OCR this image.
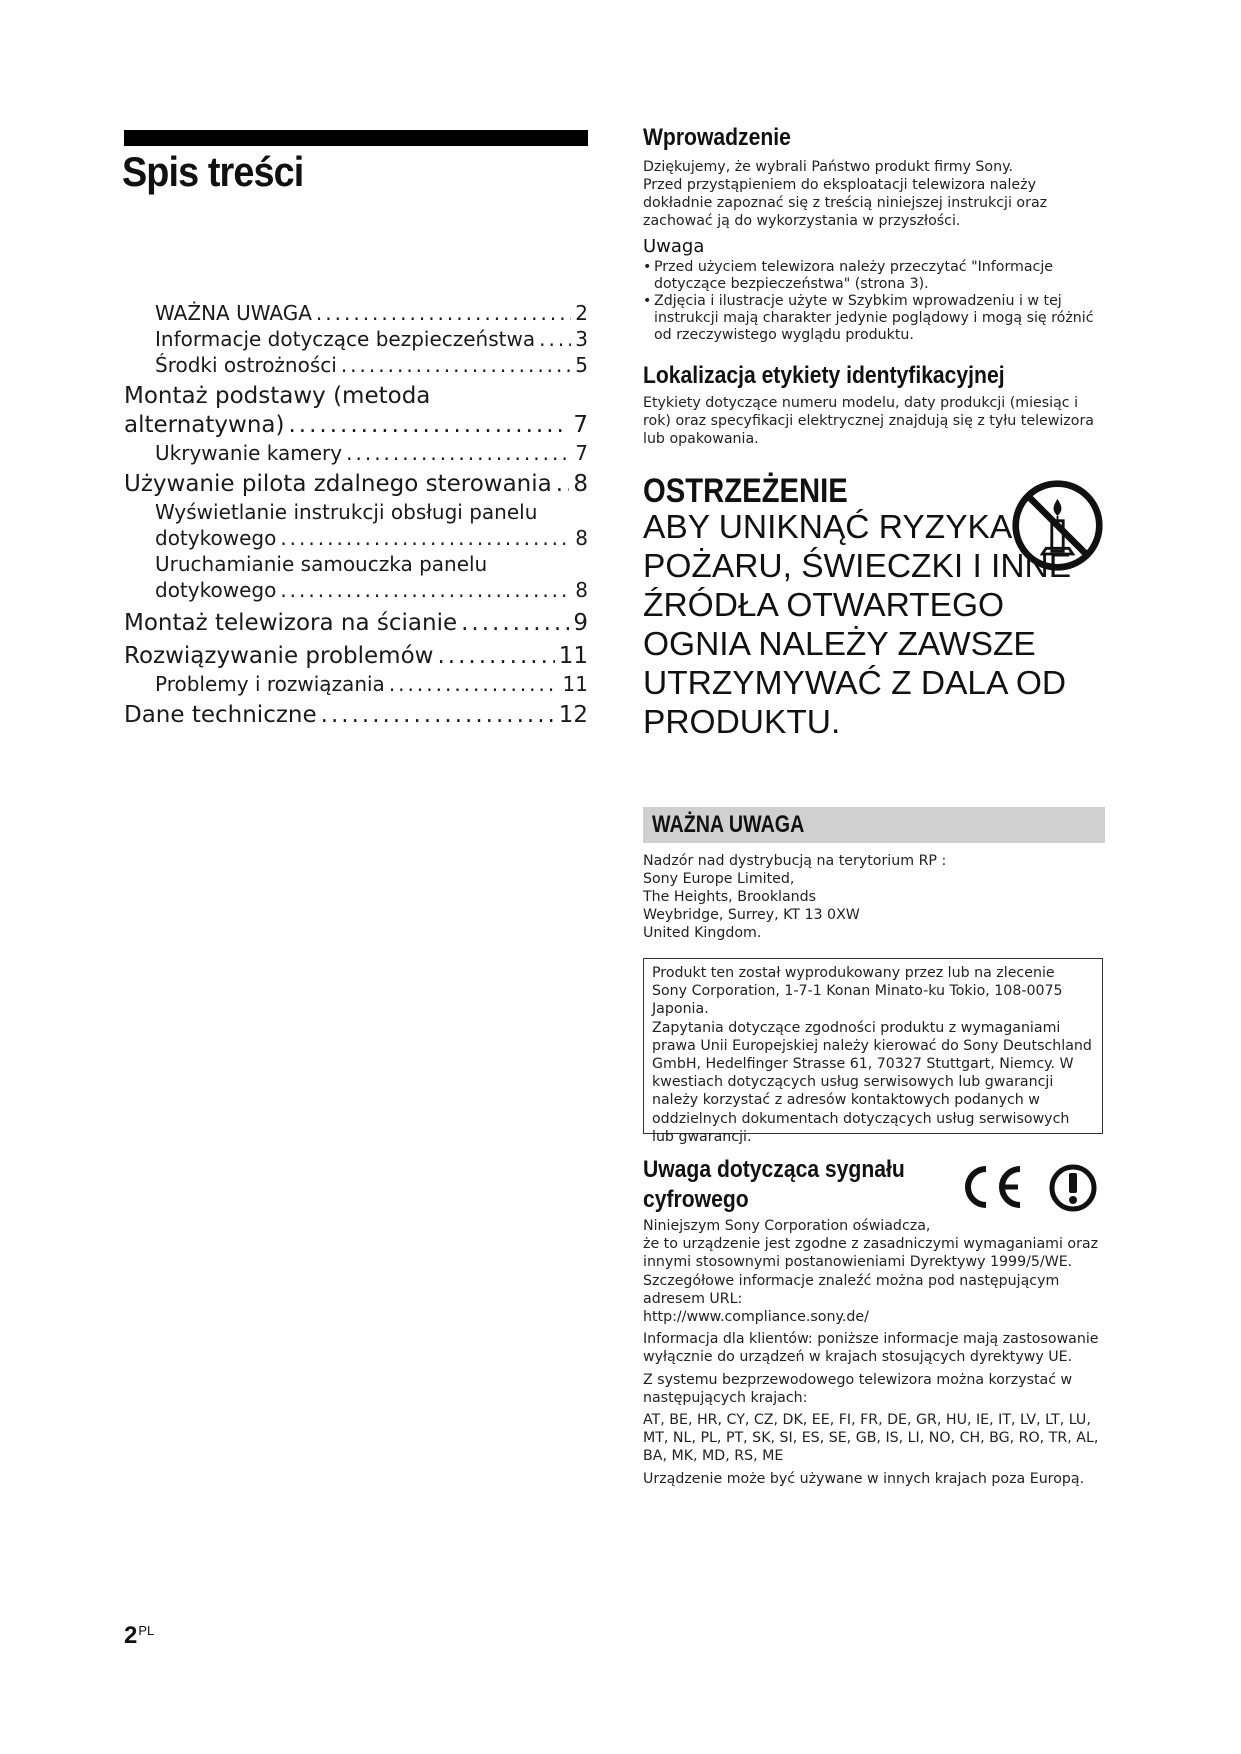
Spis treści
WAŻNA UWAGA .....	2
Informacje dotyczące bezpieczeństwa ..... 3
Środki ostrożności .....	5
Montaż podstawy (metoda
alternatywna) .....	7
Ukrywanie kamery .....	7
Używanie pilota zdalnego sterowania ..... 8
Wyświetlanie instrukcji obsługi panelu
dotykowego .....	8
Uruchamianie samouczka panelu
dotykowego .....	8
Montaż telewizora na ścianie .....	9
Rozwiązywanie problemów .....	11
Problemy i rozwiązania .....	11
Dane techniczne .....	12
Wprowadzenie

Dziękujemy, że wybrali Państwo produkt firmy Sony.

Przed przystąpieniem do eksploatacji telewizora należy dokładnie zapoznać się z treścią niniejszej instrukcji oraz zachować ją do wykorzystania w przyszłości.

Uwaga
• Przed użyciem telewizora należy przeczytać "Informacje dotyczące bezpieczeństwa" (strona 3).
• Zdjęcia i ilustracje użyte w Szybkim wprowadzeniu i w tej instrukcji mają charakter jedynie poglądowy i mogą się różnić od rzeczywistego wyglądu produktu.
Lokalizacja etykiety identyfikacyjnej

Etykiety dotyczące numeru modelu, daty produkcji (miesiąc i rok) oraz specyfikacji elektrycznej znajdują się z tyłu telewizora lub opakowania.

OSTRZEŻENIE

ABY UNIKNĄĆ RYZYKA POŻARU, ŚWIECZKI I INNE ŹRÓDŁA OTWARTEGO OGNIA NALEŻY ZAWSZE UTRZYMYWAĆ Z DALA OD PRODUKTU.

WAŻNA UWAGA

Nadzór nad dystrybucją na terytorium RP :

Sony Europe Limited,

The Heights, Brooklands

Weybridge, Surrey, KT 13 0XW

United Kingdom.

Produkt ten został wyprodukowany przez lub na zlecenie Sony Corporation, 1-7-1 Konan Minato-ku Tokio, 108-0075 Japonia.

Zapytania dotyczące zgodności produktu z wymaganiami prawa Unii Europejskiej należy kierować do Sony Deutschland GmbH, Hedelfinger Strasse 61, 70327 Stuttgart, Niemcy. W kwestiach dotyczących usług serwisowych lub gwarancji należy korzystać z adresów kontaktowych podanych w oddzielnych dokumentach dotyczących usług serwisowych lub gwarancji.

Uwaga dotycząca sygnału cyfrowego

Niniejszym Sony Corporation oświadcza,

że to urządzenie jest zgodne z zasadniczymi wymaganiami oraz innymi stosownymi postanowieniami Dyrektywy 1999/5/WE.

Szczegółowe informacje znaleźć można pod następującym adresem URL:

http://www.compliance.sony.de/

Informacja dla klientów: poniższe informacje mają zastosowanie wyłącznie do urządzeń w krajach stosujących dyrektywy UE.

Z systemu bezprzewodowego telewizora można korzystać w następujących krajach:

AT, BE, HR, CY, CZ, DK, EE, FI, FR, DE, GR, HU, IE, IT, LV, LT, LU, MT, NL, PL, PT, SK, SI, ES, SE, GB, IS, LI, NO, CH, BG, RO, TR, AL, BA, MK, MD, RS, ME

Urządzenie może być używane w innych krajach poza Europą.

$2^{PL}$
